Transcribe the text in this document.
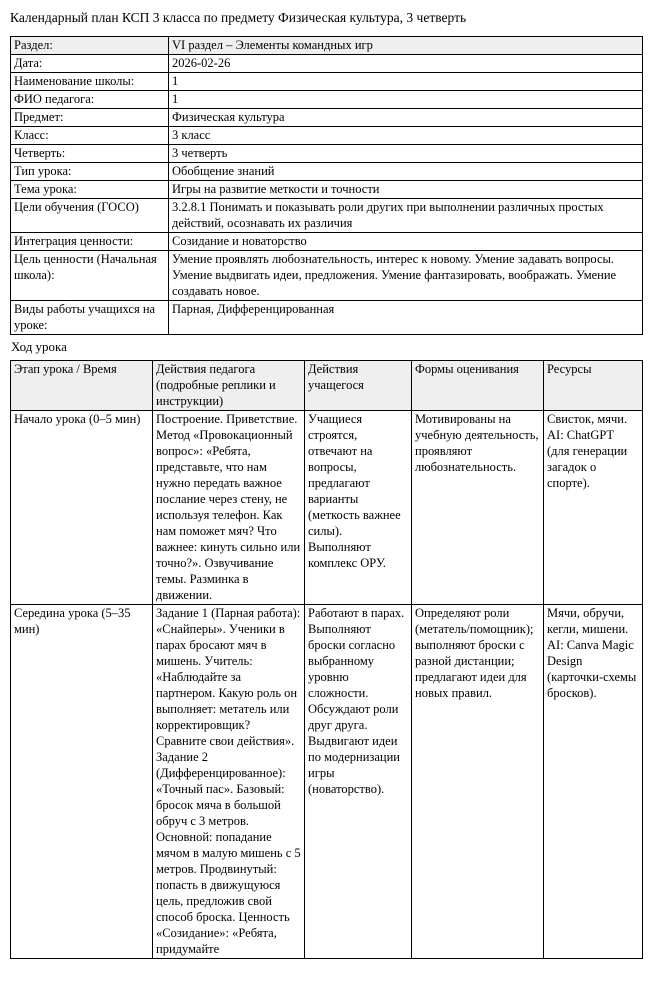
Календарный план КСП 3 класса по предмету Физическая культура, 3 четверть
Раздел:	VI раздел – Элементы командных игр
Дата:	2026-02-26
Наименование школы:	1
ФИО педагога:	1
Предмет:	Физическая культура
Класс:	3 класс
Четверть:	3 четверть
Тип урока:	Обобщение знаний
Тема урока:	Игры на развитие меткости и точности
Цели обучения (ГОСО)	3.2.8.1 Понимать и показывать роли других при выполнении различных простых действий, осознавать их различия
Интеграция ценности:	Созидание и новаторство
Цель ценности (Начальная школа):	Умение проявлять любознательность, интерес к новому. Умение задавать вопросы. Умение выдвигать идеи, предложения. Умение фантазировать, воображать. Умение создавать новое.
Виды работы учащихся на уроке:	Парная, Дифференцированная
Ход урока
Этап урока / Время	Действия педагога (подробные реплики и инструкции)	Действия учащегося	Формы оценивания	Ресурсы
Начало урока (0–5 мин)	Построение. Приветствие. Метод «Провокационный вопрос»: «Ребята, представьте, что нам нужно передать важное послание через стену, не используя телефон. Как нам поможет мяч? Что важнее: кинуть сильно или точно?». Озвучивание темы. Разминка в движении.	Учащиеся строятся, отвечают на вопросы, предлагают варианты (меткость важнее силы). Выполняют комплекс ОРУ.	Мотивированы на учебную деятельность, проявляют любознательность.	Свисток, мячи. AI: ChatGPT (для генерации загадок о спорте).
Середина урока (5–35 мин)	Задание 1 (Парная работа): «Снайперы». Ученики в парах бросают мяч в мишень. Учитель: «Наблюдайте за партнером. Какую роль он выполняет: метатель или корректировщик? Сравните свои действия». Задание 2 (Дифференцированное): «Точный пас». Базовый: бросок мяча в большой обруч с 3 метров. Основной: попадание мячом в малую мишень с 5 метров. Продвинутый: попасть в движущуюся цель, предложив свой способ броска. Ценность «Созидание»: «Ребята, придумайте	Работают в парах. Выполняют броски согласно выбранному уровню сложности. Обсуждают роли друг друга. Выдвигают идеи по модернизации игры (новаторство).	Определяют роли (метатель/помощник); выполняют броски с разной дистанции; предлагают идеи для новых правил.	Мячи, обручи, кегли, мишени. AI: Canva Magic Design (карточки-схемы бросков).
